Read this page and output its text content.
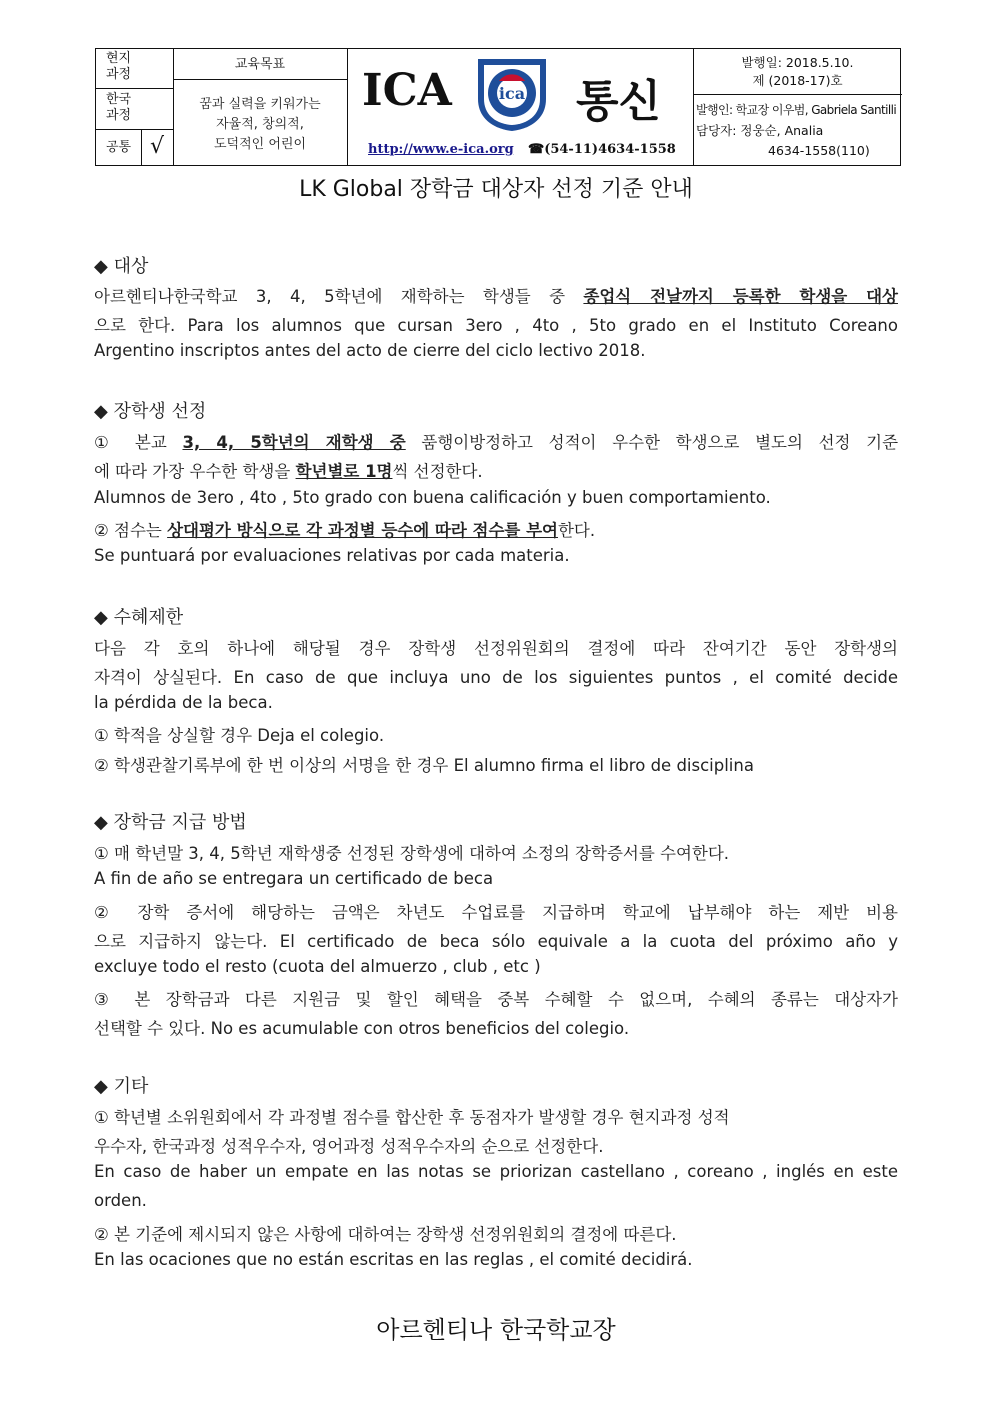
현지
과정
한국
과정
공통 √
교육목표
꿈과 실력을 키워가는
자율적, 창의적,
도덕적인 어린이
ICA	ica 통신
http://www.e-ica.org ☎(54-11)4634-1558
발행일: 2018.5.10.
제 (2018-17)호
발행인: 학교장 이우범, Gabriela Santilli
담당자: 정웅순, Analia
4634-1558(110)
LK Global 장학금 대상자 선정 기준 안내
◆ 대상
아르헨티나한국학교 3, 4, 5학년에 재학하는 학생들 중 종업식 전날까지 등록한 학생을 대상
으로 한다. Para los alumnos que cursan 3ero , 4to , 5to grado en el Instituto Coreano
Argentino inscriptos antes del acto de cierre del ciclo lectivo 2018.
◆ 장학생 선정
① 본교 3, 4, 5학년의 재학생 중 품행이방정하고 성적이 우수한 학생으로 별도의 선정 기준
에 따라 가장 우수한 학생을 학년별로 1명씩 선정한다.
Alumnos de 3ero , 4to , 5to grado con buena calificación y buen comportamiento.
② 점수는 상대평가 방식으로 각 과정별 등수에 따라 점수를 부여한다.
Se puntuará por evaluaciones relativas por cada materia.
◆ 수혜제한
다음 각 호의 하나에 해당될 경우 장학생 선정위원회의 결정에 따라 잔여기간 동안 장학생의
자격이 상실된다. En caso de que incluya uno de los siguientes puntos , el comité decide
la pérdida de la beca.
① 학적을 상실할 경우 Deja el colegio.
② 학생관찰기록부에 한 번 이상의 서명을 한 경우 El alumno firma el libro de disciplina
◆ 장학금 지급 방법
① 매 학년말 3, 4, 5학년 재학생중 선정된 장학생에 대하여 소정의 장학증서를 수여한다.
A fin de año se entregara un certificado de beca
② 장학 증서에 해당하는 금액은 차년도 수업료를 지급하며 학교에 납부해야 하는 제반 비용
으로 지급하지 않는다. El certificado de beca sólo equivale a la cuota del próximo año y
excluye todo el resto (cuota del almuerzo , club , etc )
③ 본 장학금과 다른 지원금 및 할인 혜택을 중복 수혜할 수 없으며, 수혜의 종류는 대상자가
선택할 수 있다. No es acumulable con otros beneficios del colegio.
◆ 기타
① 학년별 소위원회에서 각 과정별 점수를 합산한 후 동점자가 발생할 경우 현지과정 성적
우수자, 한국과정 성적우수자, 영어과정 성적우수자의 순으로 선정한다.
En caso de haber un empate en las notas se priorizan castellano , coreano , inglés en este
orden.
② 본 기준에 제시되지 않은 사항에 대하여는 장학생 선정위원회의 결정에 따른다.
En las ocaciones que no están escritas en las reglas , el comité decidirá.
아르헨티나 한국학교장
